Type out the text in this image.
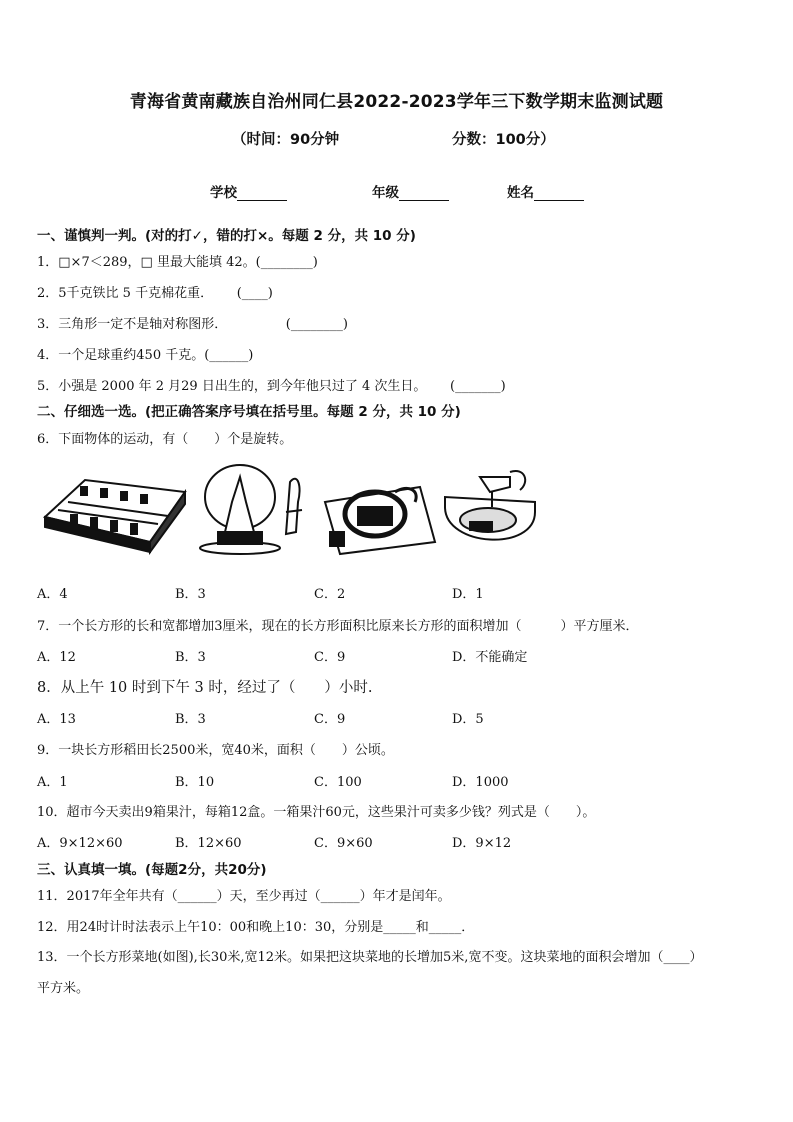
青海省黄南藏族自治州同仁县2022-2023学年三下数学期末监测试题
（时间：90分钟	分数：100分）
学校	年级	姓名
一、谨慎判一判。(对的打✓，错的打×。每题 2 分，共 10 分)
1．□×7＜289，□ 里最大能填 42。(________)
2．5千克铁比 5 千克棉花重．　　 (____)
3．三角形一定不是轴对称图形．　　　　　(________)
4．一个足球重约450 千克。(______)
5．小强是 2000 年 2 月29 日出生的，到今年他只过了 4 次生日。　　 (_______)
二、仔细选一选。(把正确答案序号填在括号里。每题 2 分，共 10 分)
6．下面物体的运动，有（　　）个是旋转。
A．4	B．3	C．2	D．1
7．一个长方形的长和宽都增加3厘米，现在的长方形面积比原来长方形的面积增加（　　　）平方厘米．
A．12	B．3	C．9	D．不能确定
8．从上午 10 时到下午 3 时，经过了（　　）小时.
A．13	B．3	C．9	D．5
9．一块长方形稻田长2500米，宽40米，面积（　　）公顷。
A．1	B．10	C．100	D．1000
10．超市今天卖出9箱果汁，每箱12盒。一箱果汁60元，这些果汁可卖多少钱？列式是（　　）。
A．9×12×60	B．12×60	C．9×60	D．9×12
三、认真填一填。(每题2分，共20分)
11．2017年全年共有（______）天，至少再过（______）年才是闰年。
12．用24时计时法表示上午10：00和晚上10：30，分别是_____和_____．
13．一个长方形菜地(如图),长30米,宽12米。如果把这块菜地的长增加5米,宽不变。这块菜地的面积会增加（____）
平方米。
